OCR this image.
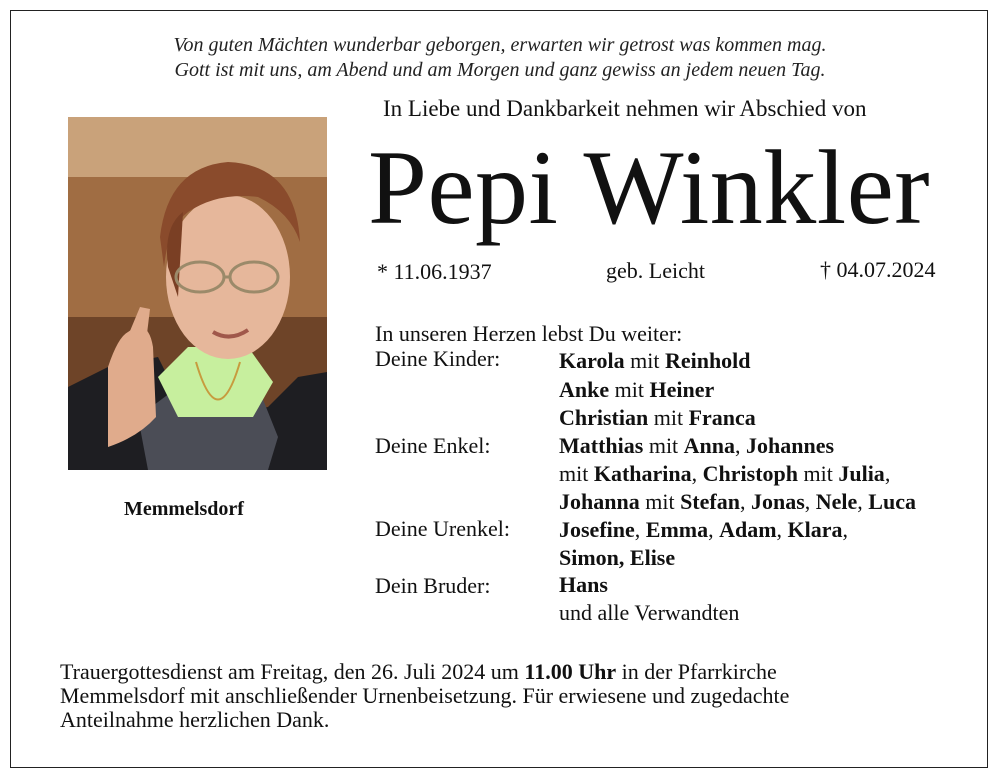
Von guten Mächten wunderbar geborgen, erwarten wir getrost was kommen mag.
Gott ist mit uns, am Abend und am Morgen und ganz gewiss an jedem neuen Tag.
In Liebe und Dankbarkeit nehmen wir Abschied von
Pepi Winkler
* 11.06.1937	geb. Leicht	† 04.07.2024
Memmelsdorf
In unseren Herzen lebst Du weiter:
Deine Kinder:	Karola mit Reinhold
Anke mit Heiner
Christian mit Franca
Deine Enkel:	Matthias mit Anna, Johannes
mit Katharina, Christoph mit Julia,
Johanna mit Stefan, Jonas, Nele, Luca
Deine Urenkel: Josefine, Emma, Adam, Klara,
Simon, Elise
Dein Bruder:	Hans
und alle Verwandten
Trauergottesdienst am Freitag, den 26. Juli 2024 um 11.00 Uhr in der Pfarrkirche
Memmelsdorf mit anschließender Urnenbeisetzung. Für erwiesene und zugedachte
Anteilnahme herzlichen Dank.
